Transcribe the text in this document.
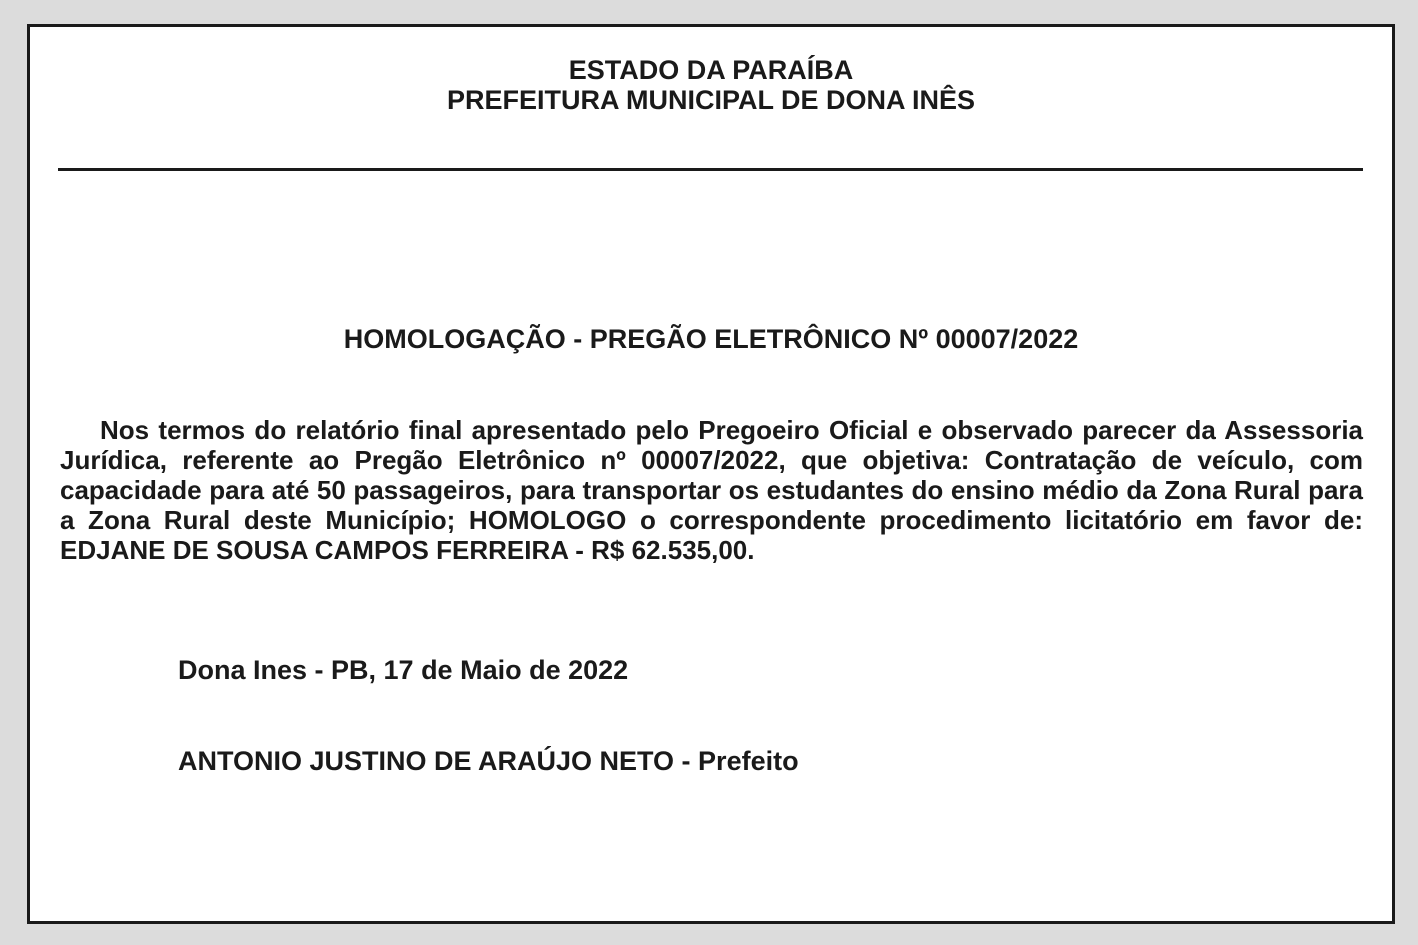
ESTADO DA PARAÍBA
PREFEITURA MUNICIPAL DE DONA INÊS
HOMOLOGAÇÃO - PREGÃO ELETRÔNICO Nº 00007/2022
Nos termos do relatório final apresentado pelo Pregoeiro Oficial e observado parecer da Assessoria Jurídica, referente ao Pregão Eletrônico nº 00007/2022, que objetiva: Contratação de veículo, com capacidade para até 50 passageiros, para transportar os estudantes do ensino médio da Zona Rural para a Zona Rural deste Município; HOMOLOGO o correspondente procedimento licitatório em favor de: EDJANE DE SOUSA CAMPOS FERREIRA - R$ 62.535,00.
Dona Ines - PB, 17 de Maio de 2022
ANTONIO JUSTINO DE ARAÚJO NETO - Prefeito
